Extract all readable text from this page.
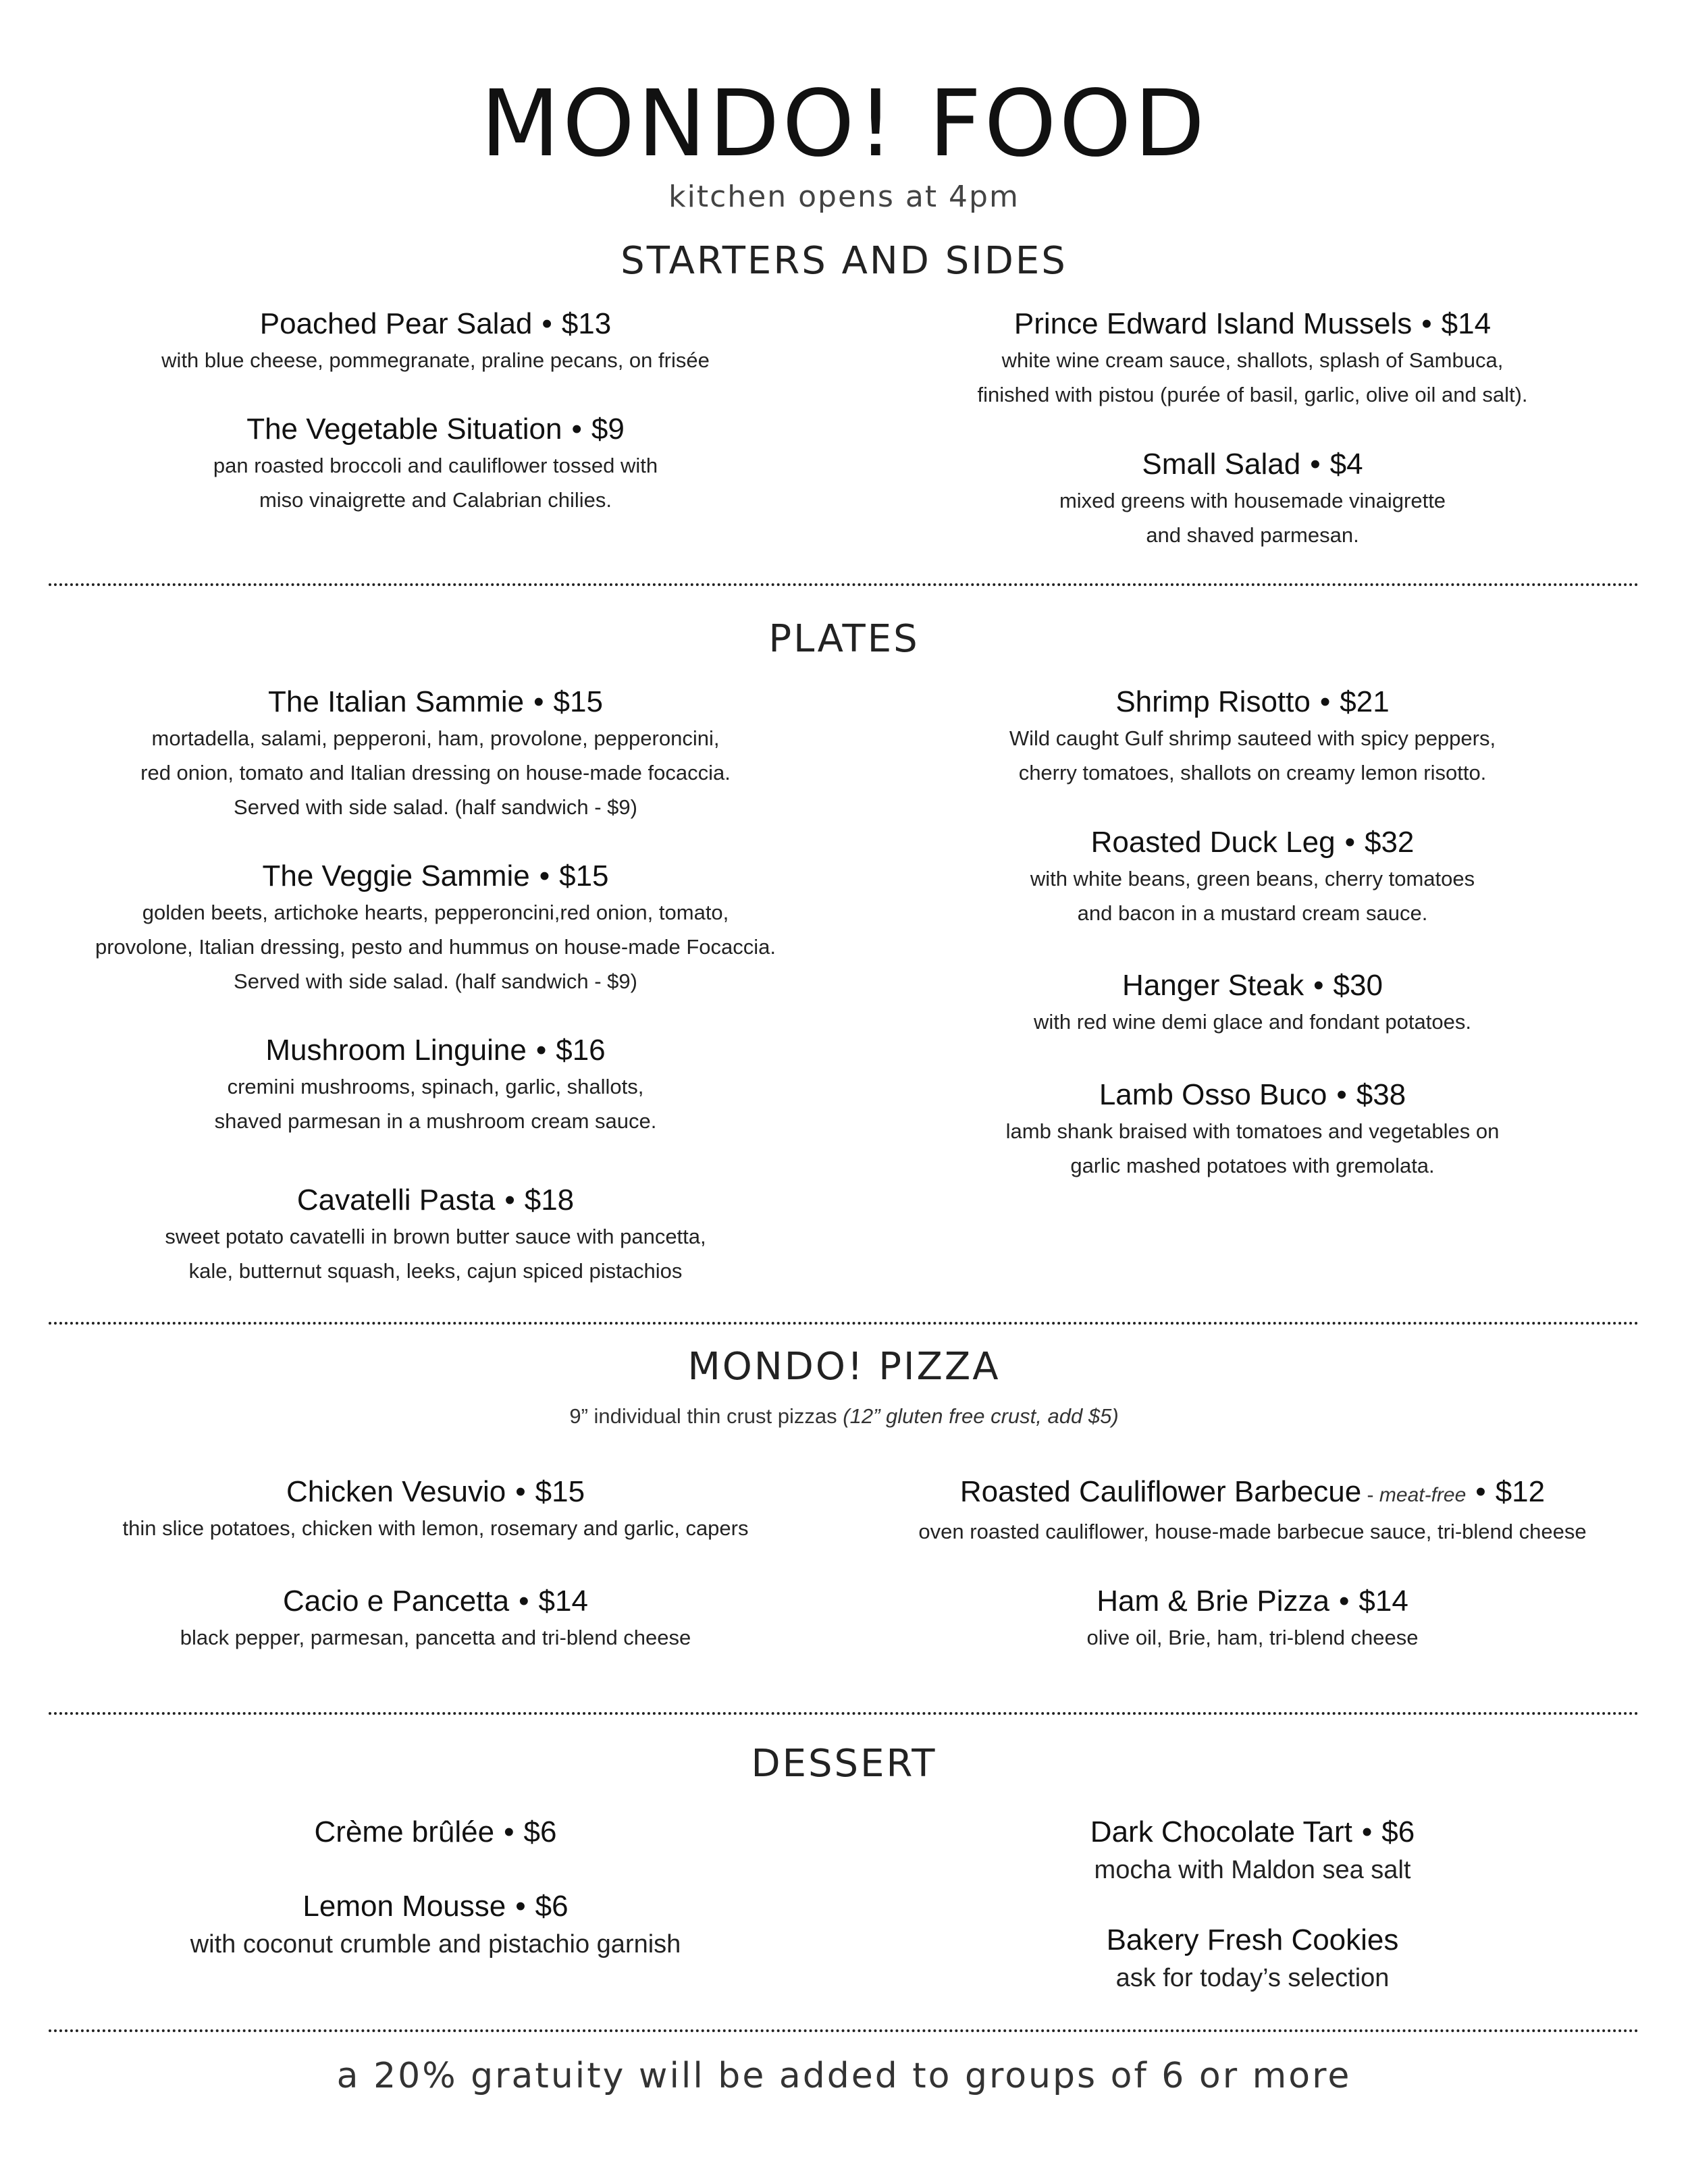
MONDO! FOOD
kitchen opens at 4pm
STARTERS AND SIDES
Poached Pear Salad • $13
with blue cheese, pommegranate, praline pecans, on frisée
The Vegetable Situation • $9
pan roasted broccoli and cauliflower tossed with
miso vinaigrette and Calabrian chilies.
Prince Edward Island Mussels • $14
white wine cream sauce, shallots, splash of Sambuca,
finished with pistou (purée of basil, garlic, olive oil and salt).
Small Salad • $4
mixed greens with housemade vinaigrette
and shaved parmesan.
PLATES
The Italian Sammie • $15
mortadella, salami, pepperoni, ham, provolone, pepperoncini,
red onion, tomato and Italian dressing on house-made focaccia.
Served with side salad. (half sandwich - $9)
The Veggie Sammie • $15
golden beets, artichoke hearts, pepperoncini,red onion, tomato,
provolone, Italian dressing, pesto and hummus on house-made Focaccia.
Served with side salad. (half sandwich - $9)
Mushroom Linguine • $16
cremini mushrooms, spinach, garlic, shallots,
shaved parmesan in a mushroom cream sauce.
Cavatelli Pasta • $18
sweet potato cavatelli in brown butter sauce with pancetta,
kale, butternut squash, leeks, cajun spiced pistachios
Shrimp Risotto • $21
Wild caught Gulf shrimp sauteed with spicy peppers,
cherry tomatoes, shallots on creamy lemon risotto.
Roasted Duck Leg • $32
with white beans, green beans, cherry tomatoes
and bacon in a mustard cream sauce.
Hanger Steak • $30
with red wine demi glace and fondant potatoes.
Lamb Osso Buco • $38
lamb shank braised with tomatoes and vegetables on
garlic mashed potatoes with gremolata.
MONDO! PIZZA
9” individual thin crust pizzas (12” gluten free crust, add $5)
Chicken Vesuvio • $15
thin slice potatoes, chicken with lemon, rosemary and garlic, capers
Cacio e Pancetta • $14
black pepper, parmesan, pancetta and tri-blend cheese
Roasted Cauliflower Barbecue - meat-free • $12
oven roasted cauliflower, house-made barbecue sauce, tri-blend cheese
Ham & Brie Pizza • $14
olive oil, Brie, ham, tri-blend cheese
DESSERT
Crème brûlée • $6
Lemon Mousse • $6
with coconut crumble and pistachio garnish
Dark Chocolate Tart • $6
mocha with Maldon sea salt
Bakery Fresh Cookies
ask for today’s selection
a 20% gratuity will be added to groups of 6 or more
